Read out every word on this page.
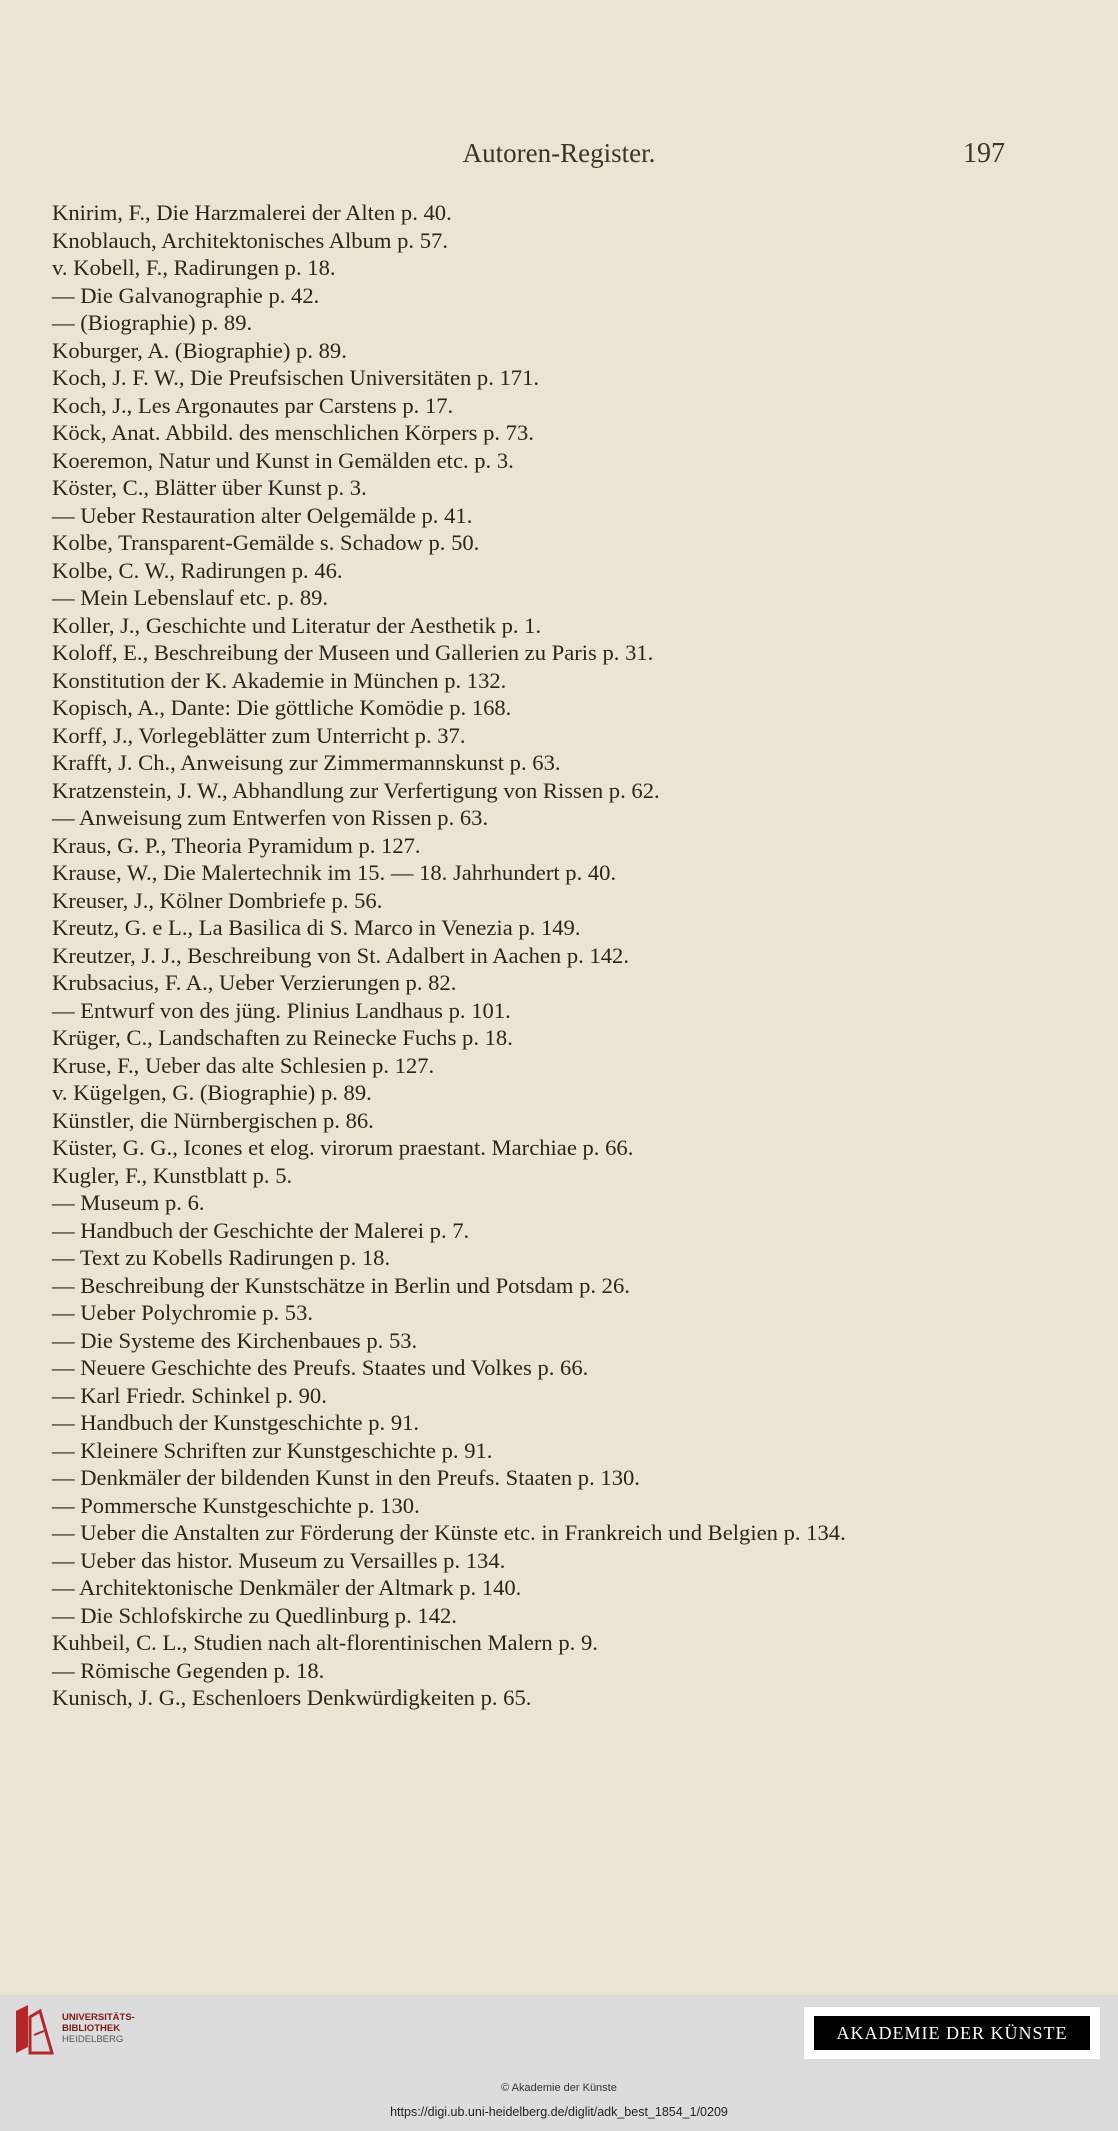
Autoren-Register.	197
Knirim, F., Die Harzmalerei der Alten p. 40.
Knoblauch, Architektonisches Album p. 57.
v. Kobell, F., Radirungen p. 18.
— Die Galvanographie p. 42.
— (Biographie) p. 89.
Koburger, A. (Biographie) p. 89.
Koch, J. F. W., Die Preufsischen Universitäten p. 171.
Koch, J., Les Argonautes par Carstens p. 17.
Köck, Anat. Abbild. des menschlichen Körpers p. 73.
Koeremon, Natur und Kunst in Gemälden etc. p. 3.
Köster, C., Blätter über Kunst p. 3.
— Ueber Restauration alter Oelgemälde p. 41.
Kolbe, Transparent-Gemälde s. Schadow p. 50.
Kolbe, C. W., Radirungen p. 46.
— Mein Lebenslauf etc. p. 89.
Koller, J., Geschichte und Literatur der Aesthetik p. 1.
Koloff, E., Beschreibung der Museen und Gallerien zu Paris p. 31.
Konstitution der K. Akademie in München p. 132.
Kopisch, A., Dante: Die göttliche Komödie p. 168.
Korff, J., Vorlegeblätter zum Unterricht p. 37.
Krafft, J. Ch., Anweisung zur Zimmermannskunst p. 63.
Kratzenstein, J. W., Abhandlung zur Verfertigung von Rissen p. 62.
— Anweisung zum Entwerfen von Rissen p. 63.
Kraus, G. P., Theoria Pyramidum p. 127.
Krause, W., Die Malertechnik im 15. — 18. Jahrhundert p. 40.
Kreuser, J., Kölner Dombriefe p. 56.
Kreutz, G. e L., La Basilica di S. Marco in Venezia p. 149.
Kreutzer, J. J., Beschreibung von St. Adalbert in Aachen p. 142.
Krubsacius, F. A., Ueber Verzierungen p. 82.
— Entwurf von des jüng. Plinius Landhaus p. 101.
Krüger, C., Landschaften zu Reinecke Fuchs p. 18.
Kruse, F., Ueber das alte Schlesien p. 127.
v. Kügelgen, G. (Biographie) p. 89.
Künstler, die Nürnbergischen p. 86.
Küster, G. G., Icones et elog. virorum praestant. Marchiae p. 66.
Kugler, F., Kunstblatt p. 5.
— Museum p. 6.
— Handbuch der Geschichte der Malerei p. 7.
— Text zu Kobells Radirungen p. 18.
— Beschreibung der Kunstschätze in Berlin und Potsdam p. 26.
— Ueber Polychromie p. 53.
— Die Systeme des Kirchenbaues p. 53.
— Neuere Geschichte des Preufs. Staates und Volkes p. 66.
— Karl Friedr. Schinkel p. 90.
— Handbuch der Kunstgeschichte p. 91.
— Kleinere Schriften zur Kunstgeschichte p. 91.
— Denkmäler der bildenden Kunst in den Preufs. Staaten p. 130.
— Pommersche Kunstgeschichte p. 130.
— Ueber die Anstalten zur Förderung der Künste etc. in Frankreich und Belgien p. 134.
— Ueber das histor. Museum zu Versailles p. 134.
— Architektonische Denkmäler der Altmark p. 140.
— Die Schlofskirche zu Quedlinburg p. 142.
Kuhbeil, C. L., Studien nach alt-florentinischen Malern p. 9.
— Römische Gegenden p. 18.
Kunisch, J. G., Eschenloers Denkwürdigkeiten p. 65.
UNIVERSITÄTS-
BIBLIOTHEK
HEIDELBERG	AKADEMIE DER KÜNSTE
© Akademie der Künste
https://digi.ub.uni-heidelberg.de/diglit/adk_best_1854_1/0209
